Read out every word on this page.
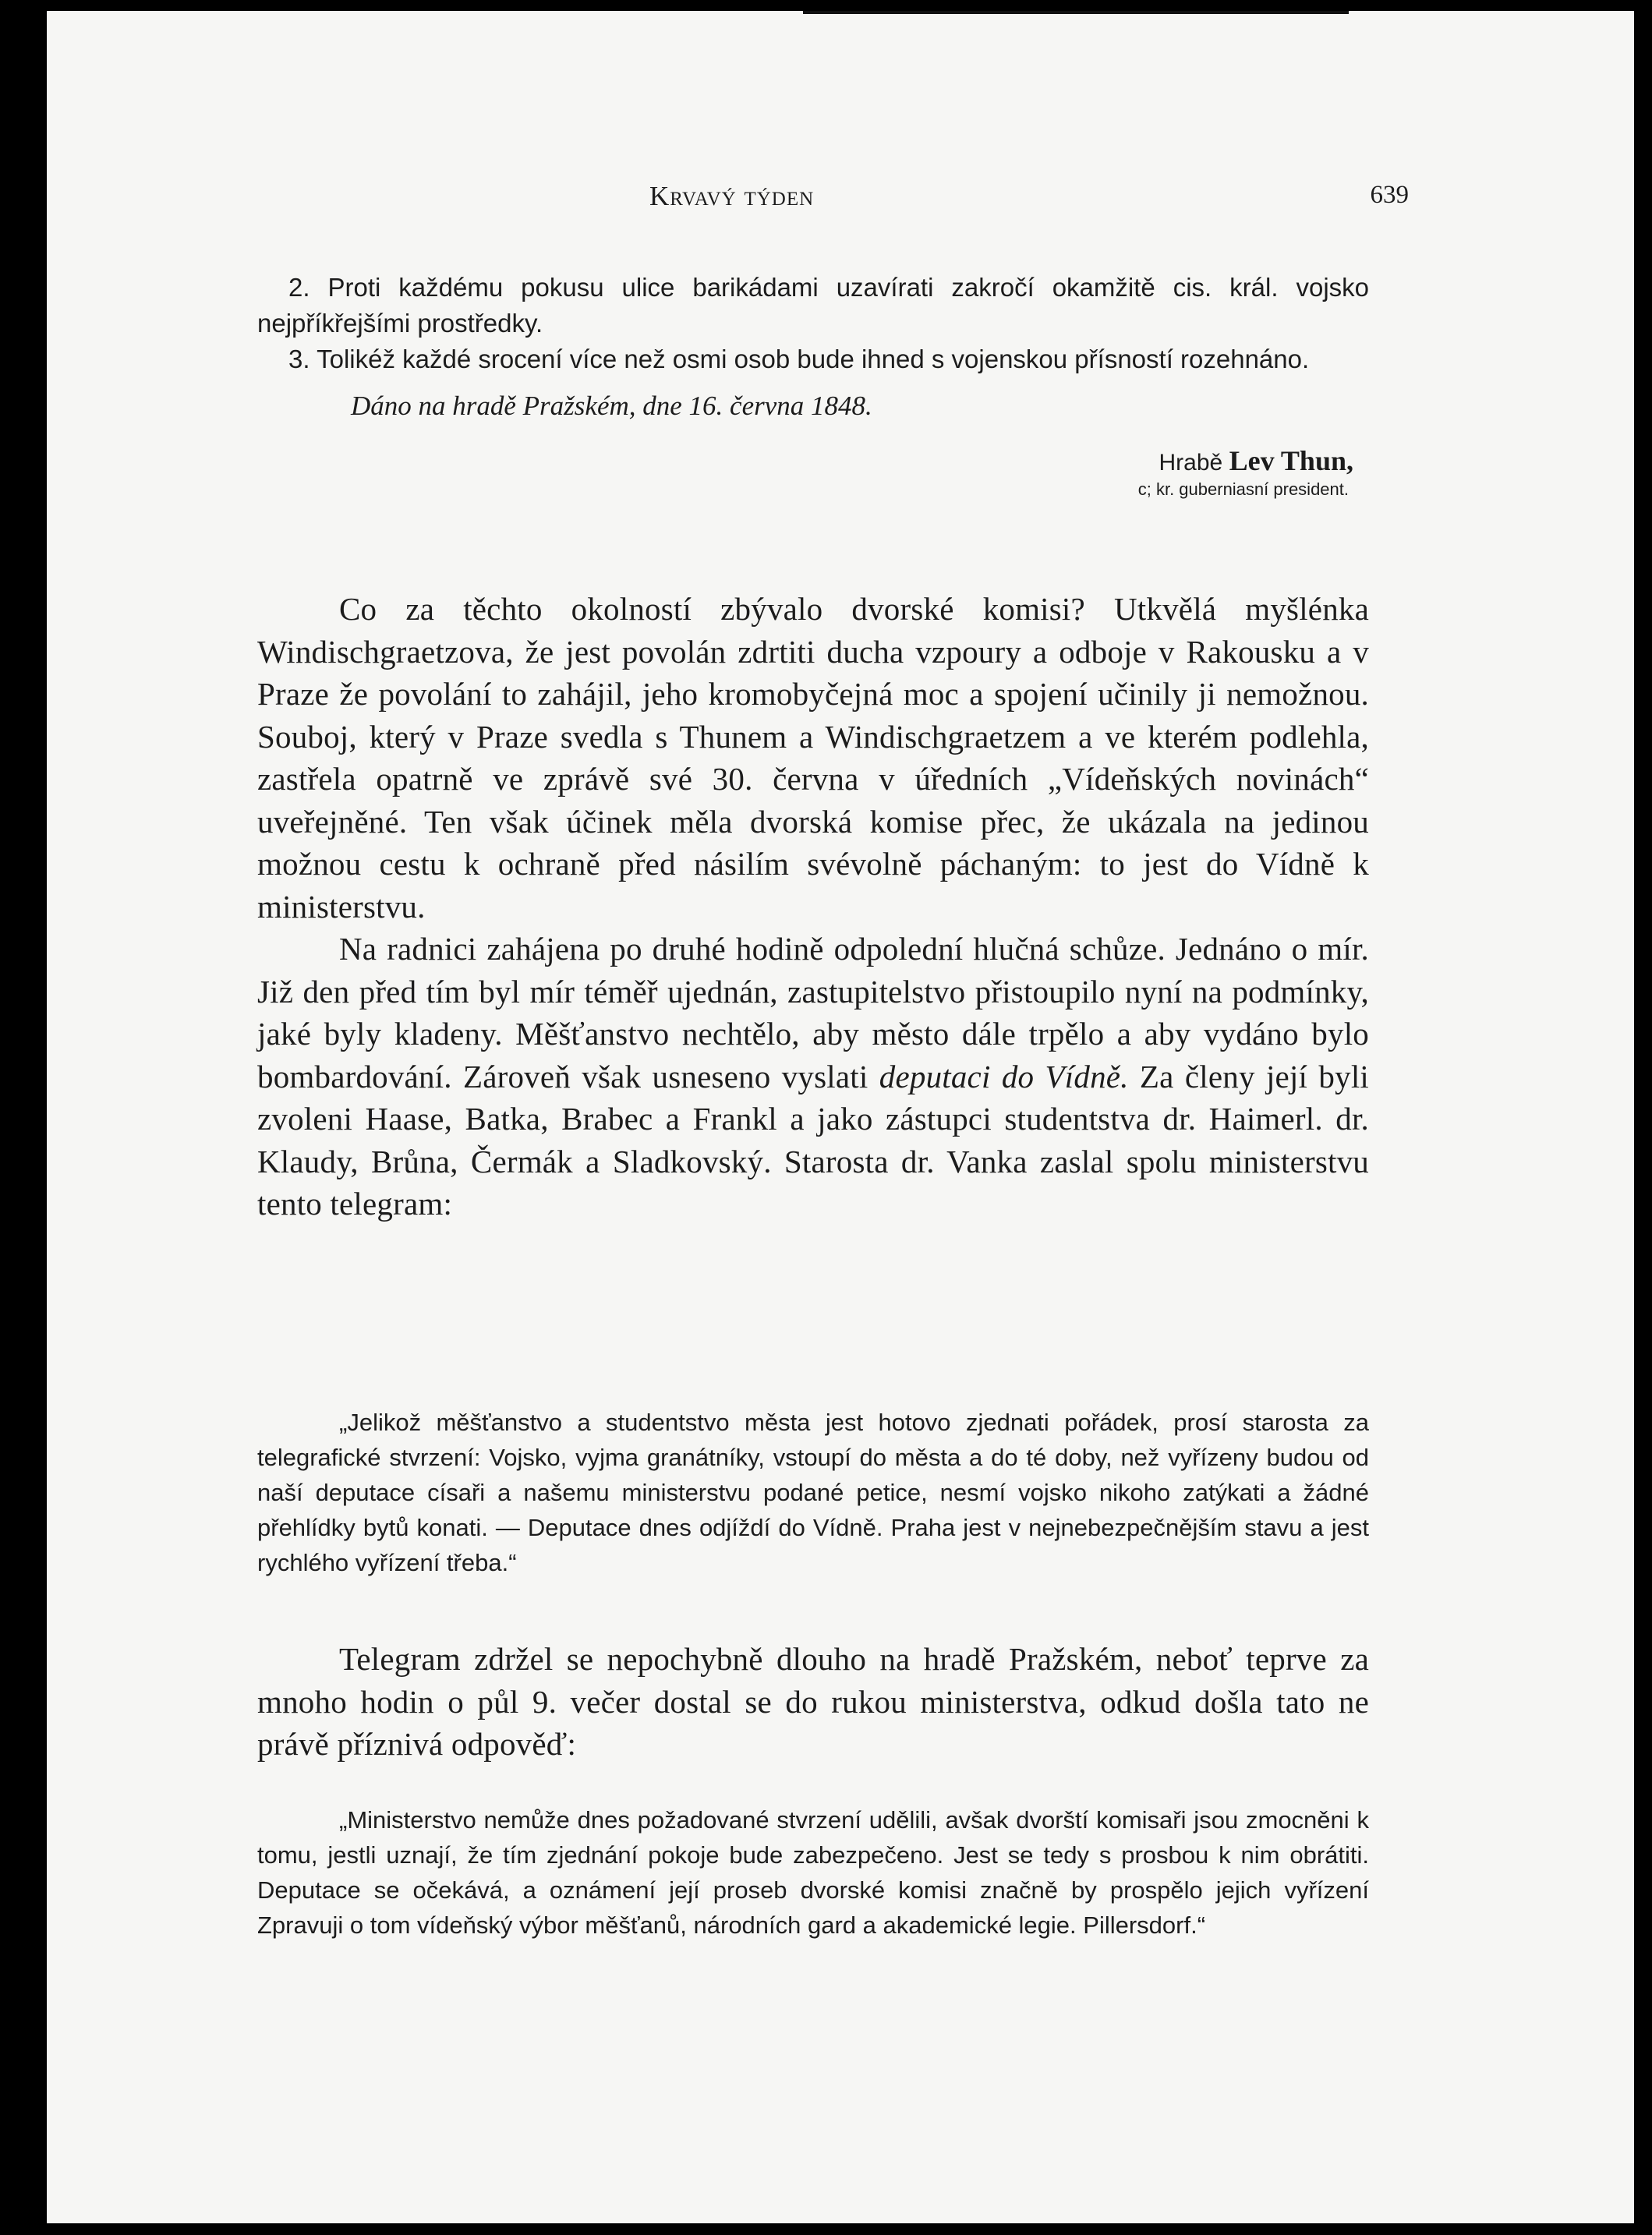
Krvavý týden	639

2. Proti každému pokusu ulice barikádami uzavírati zakročí okamžitě cis. král. vojsko nejpříkřejšími prostředky.

3. Tolikéž každé srocení více než osmi osob bude ihned s vojenskou přísností rozehnáno.

Dáno na hradě Pražském, dne 16. června 1848.

Hrabě Lev Thun,
c; kr. guberniasní president.

Co za těchto okolností zbývalo dvorské komisi? Utkvělá myšlénka Windischgraetzova, že jest povolán zdrtiti ducha vzpoury a odboje v Rakousku a v Praze že povolání to zahájil, jeho kromobyčejná moc a spojení učinily ji nemožnou. Souboj, který v Praze svedla s Thunem a Windischgraetzem a ve kterém podlehla, zastřela opatrně ve zprávě své 30. června v úředních „Vídeňských novinách“ uveřejněné. Ten však účinek měla dvorská komise přec, že ukázala na jedinou možnou cestu k ochraně před násilím svévolně páchaným: to jest do Vídně k ministerstvu.

Na radnici zahájena po druhé hodině odpolední hlučná schůze. Jednáno o mír. Již den před tím byl mír téměř ujednán, zastupitelstvo přistoupilo nyní na podmínky, jaké byly kladeny. Měšťanstvo nechtělo, aby město dále trpělo a aby vydáno bylo bombardování. Zároveň však usneseno vyslati deputaci do Vídně. Za členy její byli zvoleni Haase, Batka, Brabec a Frankl a jako zástupci studentstva dr. Haimerl. dr. Klaudy, Brůna, Čermák a Sladkovský. Starosta dr. Vanka zaslal spolu ministerstvu tento telegram:

„Jelikož měšťanstvo a studentstvo města jest hotovo zjednati pořádek, prosí starosta za telegrafické stvrzení: Vojsko, vyjma granátníky, vstoupí do města a do té doby, než vyřízeny budou od naší deputace císaři a našemu ministerstvu podané petice, nesmí vojsko nikoho zatýkati a žádné přehlídky bytů konati. — Deputace dnes odjíždí do Vídně. Praha jest v nejnebezpečnějším stavu a jest rychlého vyřízení třeba.“

Telegram zdržel se nepochybně dlouho na hradě Pražském, neboť teprve za mnoho hodin o půl 9. večer dostal se do rukou ministerstva, odkud došla tato ne právě příznivá odpověď:

„Ministerstvo nemůže dnes požadované stvrzení udělili, avšak dvorští komisaři jsou zmocněni k tomu, jestli uznají, že tím zjednání pokoje bude zabezpečeno. Jest se tedy s prosbou k nim obrátiti. Deputace se očekává, a oznámení její proseb dvorské komisi značně by prospělo jejich vyřízení Zpravuji o tom vídeňský výbor měšťanů, národních gard a akademické legie. Pillersdorf.“
